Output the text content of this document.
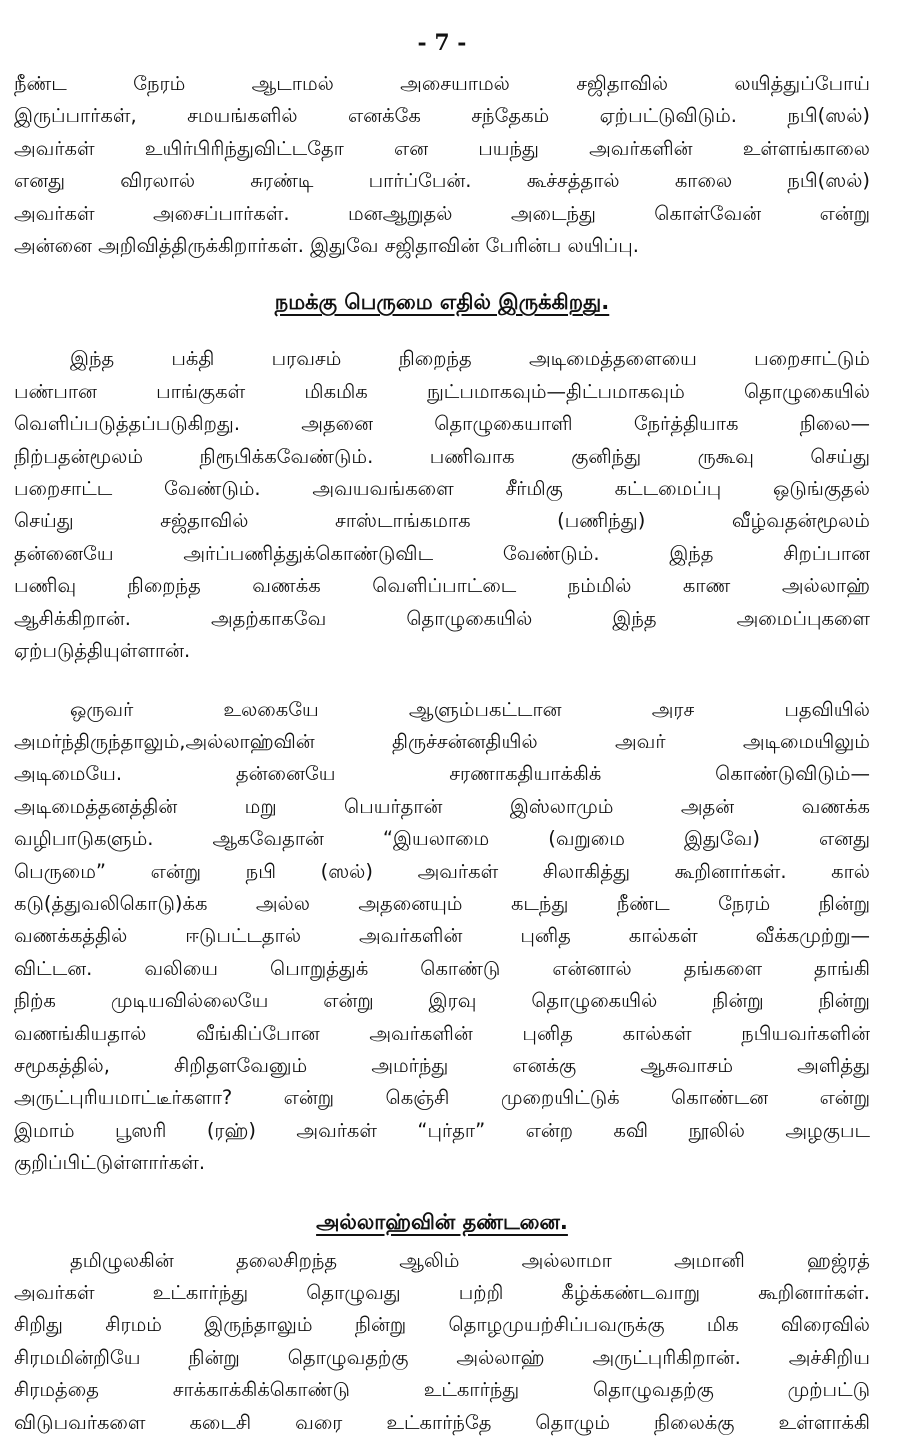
- 7 -
நீண்ட நேரம் ஆடாமல் அசையாமல் சஜிதாவில் லயித்துப்போய்
இருப்பார்கள், சமயங்களில் எனக்கே சந்தேகம் ஏற்பட்டுவிடும். நபி(ஸல்)
அவர்கள் உயிர்பிரிந்துவிட்டதோ என பயந்து அவர்களின் உள்ளங்காலை
எனது விரலால் சுரண்டி பார்ப்பேன். கூச்சத்தால் காலை நபி(ஸல்)
அவர்கள் அசைப்பார்கள். மனஆறுதல் அடைந்து கொள்வேன் என்று
அன்னை அறிவித்திருக்கிறார்கள். இதுவே சஜிதாவின் பேரின்ப லயிப்பு.
நமக்கு பெருமை எதில் இருக்கிறது.
இந்த பக்தி பரவசம் நிறைந்த அடிமைத்தளையை பறைசாட்டும்
பண்பான பாங்குகள் மிகமிக நுட்பமாகவும்—திட்பமாகவும் தொழுகையில்
வெளிப்படுத்தப்படுகிறது. அதனை தொழுகையாளி நேர்த்தியாக நிலை—
நிற்பதன்மூலம் நிரூபிக்கவேண்டும். பணிவாக குனிந்து ருகூவு செய்து
பறைசாட்ட வேண்டும். அவயவங்களை சீர்மிகு கட்டமைப்பு ஒடுங்குதல்
செய்து சஜ்தாவில் சாஸ்டாங்கமாக (பணிந்து) வீழ்வதன்மூலம்
தன்னையே அர்ப்பணித்துக்கொண்டுவிட வேண்டும். இந்த சிறப்பான
பணிவு நிறைந்த வணக்க வெளிப்பாட்டை நம்மில் காண அல்லாஹ்
ஆசிக்கிறான். அதற்காகவே தொழுகையில் இந்த அமைப்புகளை
ஏற்படுத்தியுள்ளான்.
ஒருவர் உலகையே ஆளும்பகட்டான அரச பதவியில்
அமர்ந்திருந்தாலும்,அல்லாஹ்வின் திருச்சன்னதியில் அவர் அடிமையிலும்
அடிமையே. தன்னையே சரணாகதியாக்கிக் கொண்டுவிடும்—
அடிமைத்தனத்தின் மறு பெயர்தான் இஸ்லாமும் அதன் வணக்க
வழிபாடுகளும். ஆகவேதான் “இயலாமை (வறுமை இதுவே) எனது
பெருமை” என்று நபி (ஸல்) அவர்கள் சிலாகித்து கூறினார்கள். கால்
கடு(த்துவலிகொடு)க்க அல்ல அதனையும் கடந்து நீண்ட நேரம் நின்று
வணக்கத்தில் ஈடுபட்டதால் அவர்களின் புனித கால்கள் வீக்கமுற்று—
விட்டன. வலியை பொறுத்துக் கொண்டு என்னால் தங்களை தாங்கி
நிற்க முடியவில்லையே என்று இரவு தொழுகையில் நின்று நின்று
வணங்கியதால் வீங்கிப்போன அவர்களின் புனித கால்கள் நபியவர்களின்
சமூகத்தில், சிறிதளவேனும் அமர்ந்து எனக்கு ஆசுவாசம் அளித்து
அருட்புரியமாட்டீர்களா? என்று கெஞ்சி முறையிட்டுக் கொண்டன என்று
இமாம் பூஸரி (ரஹ்) அவர்கள் “புர்தா” என்ற கவி நூலில் அழகுபட
குறிப்பிட்டுள்ளார்கள்.
அல்லாஹ்வின் தண்டனை.
தமிழுலகின் தலைசிறந்த ஆலிம் அல்லாமா அமானி ஹஜ்ரத்
அவர்கள் உட்கார்ந்து தொழுவது பற்றி கீழ்க்கண்டவாறு கூறினார்கள்.
சிறிது சிரமம் இருந்தாலும் நின்று தொழமுயற்சிப்பவருக்கு மிக விரைவில்
சிரமமின்றியே நின்று தொழுவதற்கு அல்லாஹ் அருட்புரிகிறான். அச்சிறிய
சிரமத்தை சாக்காக்கிக்கொண்டு உட்கார்ந்து தொழுவதற்கு முற்பட்டு
விடுபவர்களை கடைசி வரை உட்கார்ந்தே தொழும் நிலைக்கு உள்ளாக்கி
